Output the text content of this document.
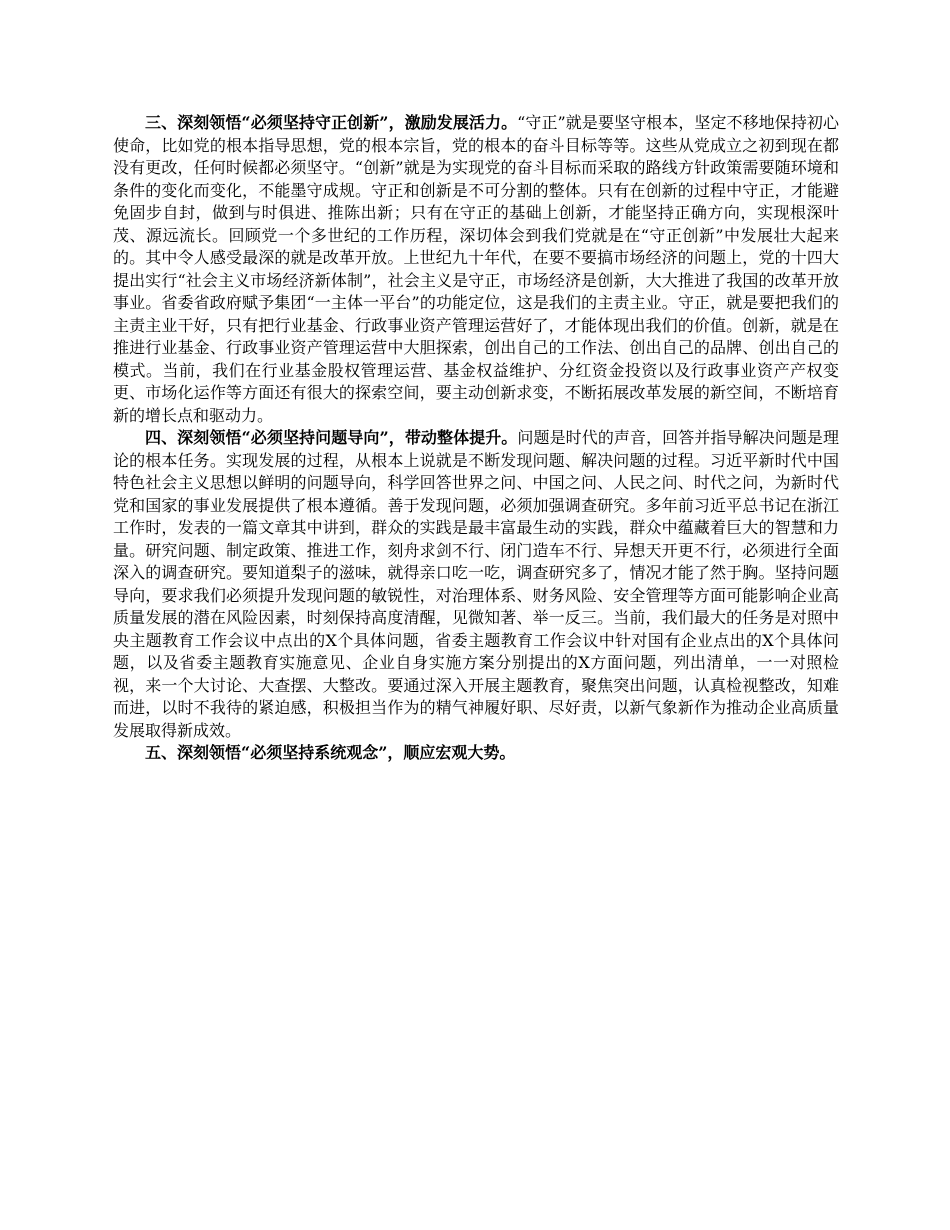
三、深刻领悟“必须坚持守正创新”，激励发展活力。“守正”就是要坚守根本，坚定不移地保持初心使命，比如党的根本指导思想，党的根本宗旨，党的根本的奋斗目标等等。这些从党成立之初到现在都没有更改，任何时候都必须坚守。“创新”就是为实现党的奋斗目标而采取的路线方针政策需要随环境和条件的变化而变化，不能墨守成规。守正和创新是不可分割的整体。只有在创新的过程中守正，才能避免固步自封，做到与时俱进、推陈出新；只有在守正的基础上创新，才能坚持正确方向，实现根深叶茂、源远流长。回顾党一个多世纪的工作历程，深切体会到我们党就是在“守正创新”中发展壮大起来的。其中令人感受最深的就是改革开放。上世纪九十年代，在要不要搞市场经济的问题上，党的十四大提出实行“社会主义市场经济新体制”，社会主义是守正，市场经济是创新，大大推进了我国的改革开放事业。省委省政府赋予集团“一主体一平台”的功能定位，这是我们的主责主业。守正，就是要把我们的主责主业干好，只有把行业基金、行政事业资产管理运营好了，才能体现出我们的价值。创新，就是在推进行业基金、行政事业资产管理运营中大胆探索，创出自己的工作法、创出自己的品牌、创出自己的模式。当前，我们在行业基金股权管理运营、基金权益维护、分红资金投资以及行政事业资产产权变更、市场化运作等方面还有很大的探索空间，要主动创新求变，不断拓展改革发展的新空间，不断培育新的增长点和驱动力。

四、深刻领悟“必须坚持问题导向”，带动整体提升。问题是时代的声音，回答并指导解决问题是理论的根本任务。实现发展的过程，从根本上说就是不断发现问题、解决问题的过程。习近平新时代中国特色社会主义思想以鲜明的问题导向，科学回答世界之问、中国之问、人民之问、时代之问，为新时代党和国家的事业发展提供了根本遵循。善于发现问题，必须加强调查研究。多年前习近平总书记在浙江工作时，发表的一篇文章其中讲到，群众的实践是最丰富最生动的实践，群众中蕴藏着巨大的智慧和力量。研究问题、制定政策、推进工作，刻舟求剑不行、闭门造车不行、异想天开更不行，必须进行全面深入的调查研究。要知道梨子的滋味，就得亲口吃一吃，调查研究多了，情况才能了然于胸。坚持问题导向，要求我们必须提升发现问题的敏锐性，对治理体系、财务风险、安全管理等方面可能影响企业高质量发展的潜在风险因素，时刻保持高度清醒，见微知著、举一反三。当前，我们最大的任务是对照中央主题教育工作会议中点出的X个具体问题，省委主题教育工作会议中针对国有企业点出的X个具体问题，以及省委主题教育实施意见、企业自身实施方案分别提出的X方面问题，列出清单，一一对照检视，来一个大讨论、大查摆、大整改。要通过深入开展主题教育，聚焦突出问题，认真检视整改，知难而进，以时不我待的紧迫感，积极担当作为的精气神履好职、尽好责，以新气象新作为推动企业高质量发展取得新成效。

五、深刻领悟“必须坚持系统观念”，顺应宏观大势。
